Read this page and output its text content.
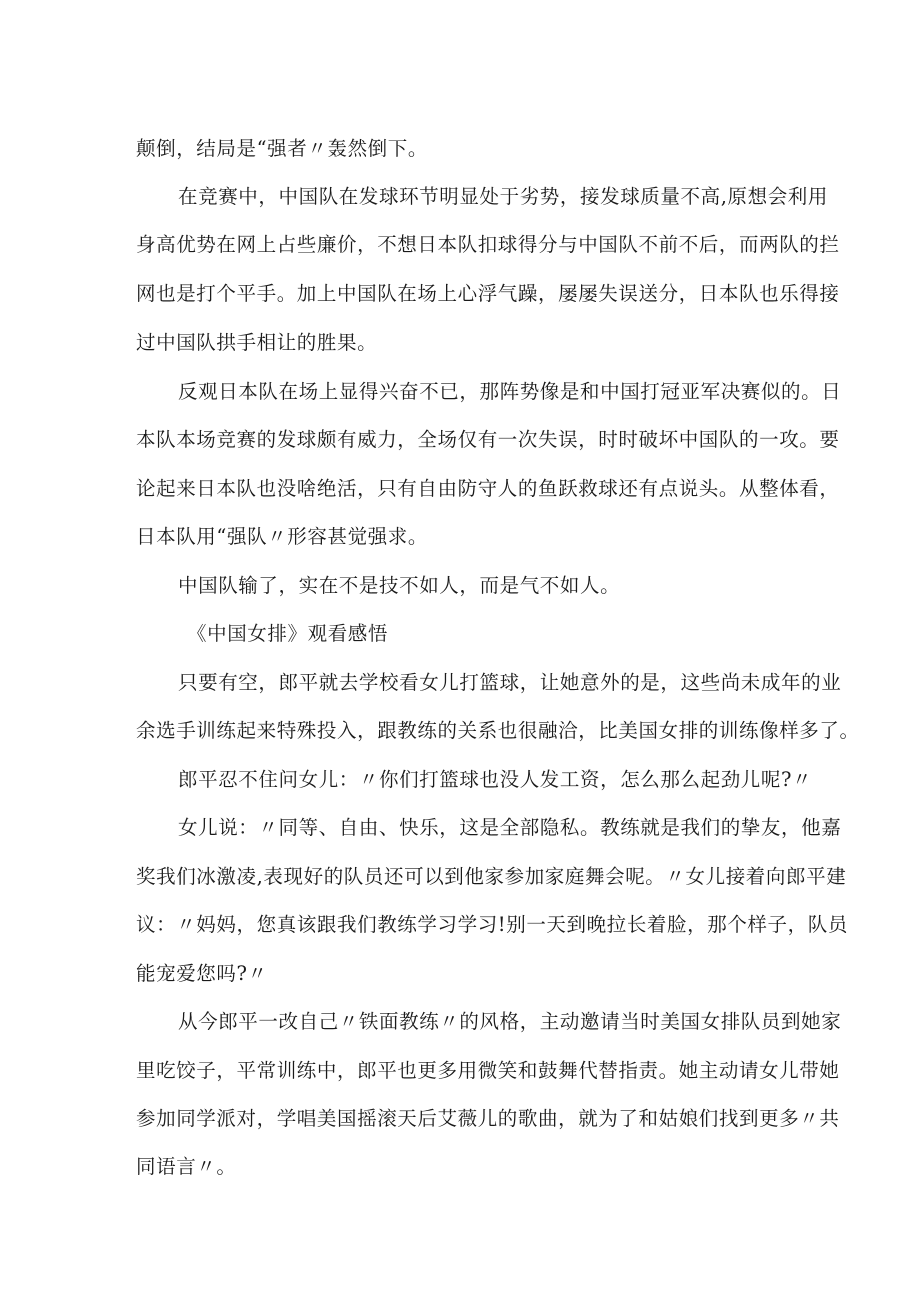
颠倒，结局是“强者〃轰然倒下。
在竞赛中，中国队在发球环节明显处于劣势，接发球质量不高,原想会利用
身高优势在网上占些廉价，不想日本队扣球得分与中国队不前不后，而两队的拦
网也是打个平手。加上中国队在场上心浮气躁，屡屡失误送分，日本队也乐得接
过中国队拱手相让的胜果。
反观日本队在场上显得兴奋不已，那阵势像是和中国打冠亚军决赛似的。日
本队本场竞赛的发球颇有威力，全场仅有一次失误，时时破坏中国队的一攻。要
论起来日本队也没啥绝活，只有自由防守人的鱼跃救球还有点说头。从整体看，
日本队用“强队〃形容甚觉强求。
中国队输了，实在不是技不如人，而是气不如人。
《中国女排》观看感悟
只要有空，郎平就去学校看女儿打篮球，让她意外的是，这些尚未成年的业
余选手训练起来特殊投入，跟教练的关系也很融洽，比美国女排的训练像样多了。
郎平忍不住问女儿：〃你们打篮球也没人发工资，怎么那么起劲儿呢?〃
女儿说：〃同等、自由、快乐，这是全部隐私。教练就是我们的挚友，他嘉
奖我们冰激凌,表现好的队员还可以到他家参加家庭舞会呢。〃女儿接着向郎平建
议：〃妈妈，您真该跟我们教练学习学习!别一天到晚拉长着脸，那个样子，队员
能宠爱您吗?〃
从今郎平一改自己〃铁面教练〃的风格，主动邀请当时美国女排队员到她家
里吃饺子，平常训练中，郎平也更多用微笑和鼓舞代替指责。她主动请女儿带她
参加同学派对，学唱美国摇滚天后艾薇儿的歌曲，就为了和姑娘们找到更多〃共
同语言〃。
